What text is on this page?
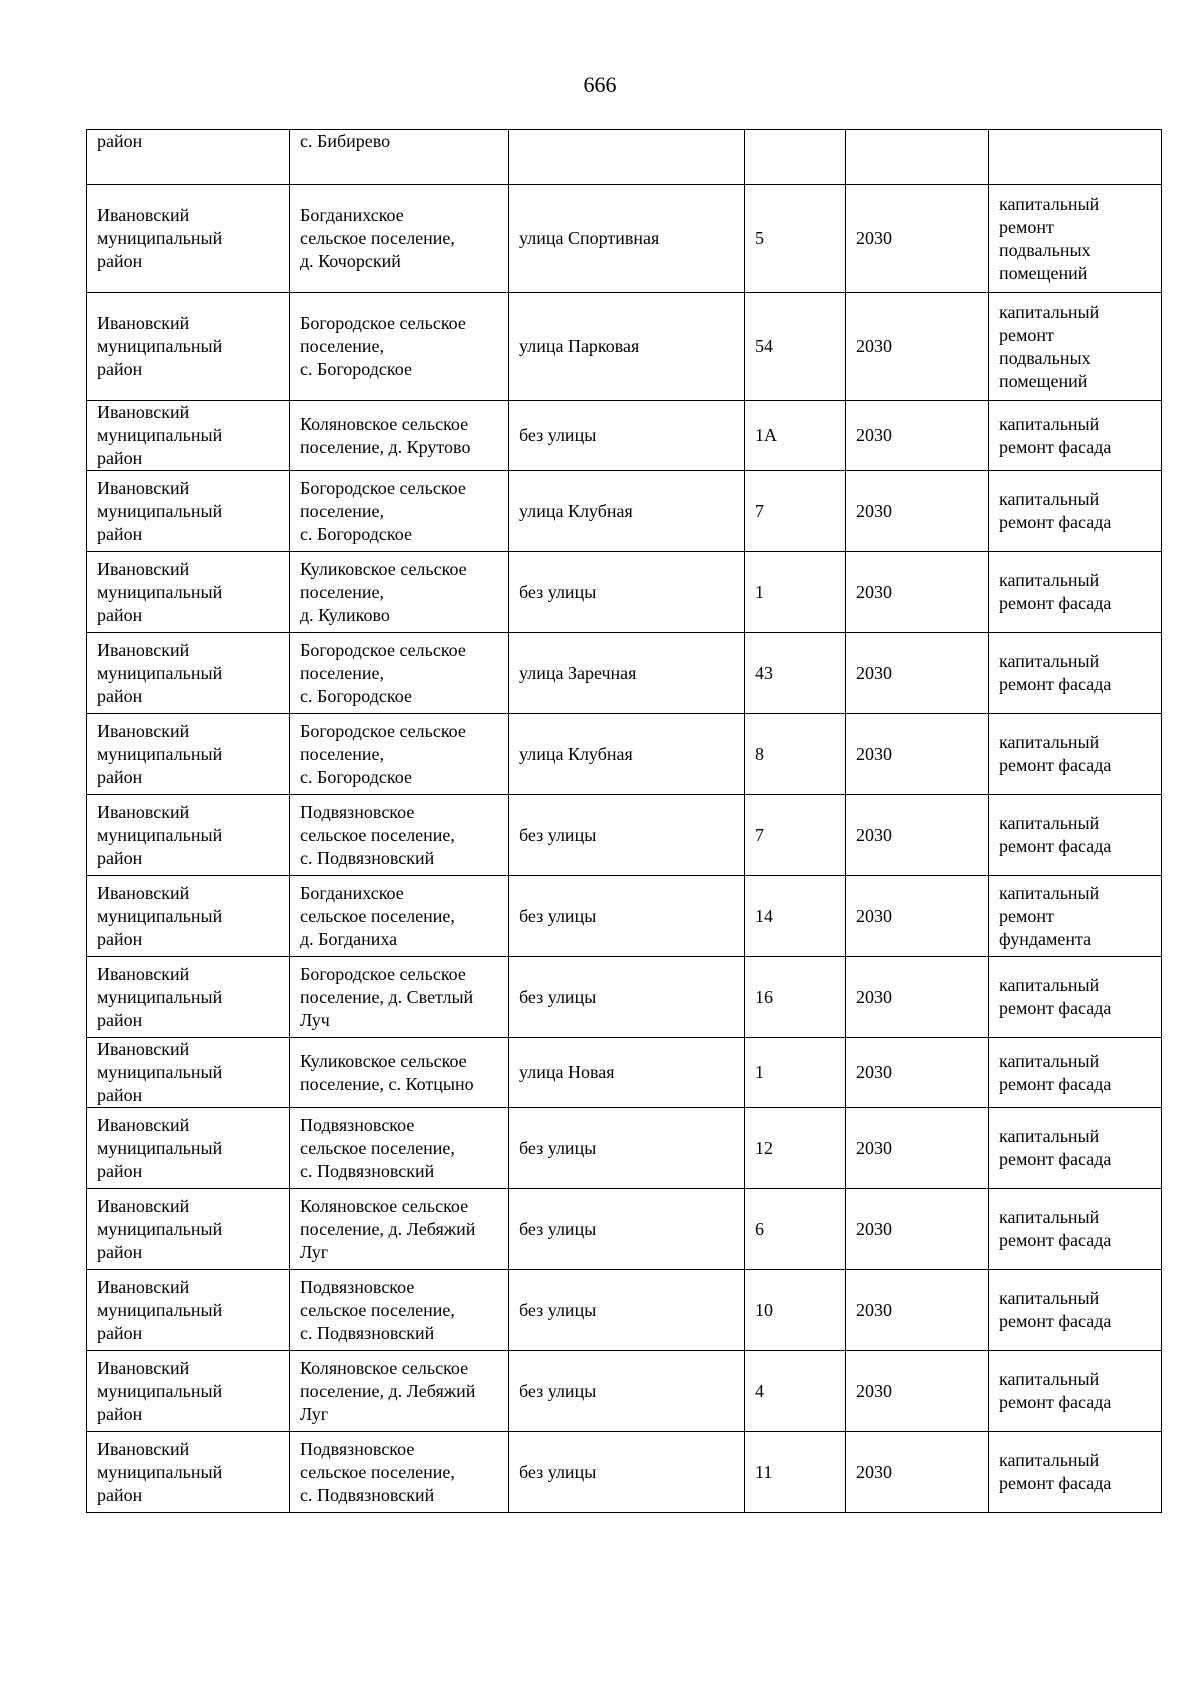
666
район	с. Бибирево				
Ивановский
муниципальный
район	Богданихское
сельское поселение,
д. Кочорский	улица Спортивная	5	2030	капитальный
ремонт
подвальных
помещений
Ивановский
муниципальный
район	Богородское сельское
поселение,
с. Богородское	улица Парковая	54	2030	капитальный
ремонт
подвальных
помещений
Ивановский
муниципальный
район	Коляновское сельское
поселение, д. Крутово	без улицы	1А	2030	капитальный
ремонт фасада
Ивановский
муниципальный
район	Богородское сельское
поселение,
с. Богородское	улица Клубная	7	2030	капитальный
ремонт фасада
Ивановский
муниципальный
район	Куликовское сельское
поселение,
д. Куликово	без улицы	1	2030	капитальный
ремонт фасада
Ивановский
муниципальный
район	Богородское сельское
поселение,
с. Богородское	улица Заречная	43	2030	капитальный
ремонт фасада
Ивановский
муниципальный
район	Богородское сельское
поселение,
с. Богородское	улица Клубная	8	2030	капитальный
ремонт фасада
Ивановский
муниципальный
район	Подвязновское
сельское поселение,
с. Подвязновский	без улицы	7	2030	капитальный
ремонт фасада
Ивановский
муниципальный
район	Богданихское
сельское поселение,
д. Богданиха	без улицы	14	2030	капитальный
ремонт
фундамента
Ивановский
муниципальный
район	Богородское сельское
поселение, д. Светлый
Луч	без улицы	16	2030	капитальный
ремонт фасада
Ивановский
муниципальный
район	Куликовское сельское
поселение, с. Котцыно	улица Новая	1	2030	капитальный
ремонт фасада
Ивановский
муниципальный
район	Подвязновское
сельское поселение,
с. Подвязновский	без улицы	12	2030	капитальный
ремонт фасада
Ивановский
муниципальный
район	Коляновское сельское
поселение, д. Лебяжий
Луг	без улицы	6	2030	капитальный
ремонт фасада
Ивановский
муниципальный
район	Подвязновское
сельское поселение,
с. Подвязновский	без улицы	10	2030	капитальный
ремонт фасада
Ивановский
муниципальный
район	Коляновское сельское
поселение, д. Лебяжий
Луг	без улицы	4	2030	капитальный
ремонт фасада
Ивановский
муниципальный
район	Подвязновское
сельское поселение,
с. Подвязновский	без улицы	11	2030	капитальный
ремонт фасада
